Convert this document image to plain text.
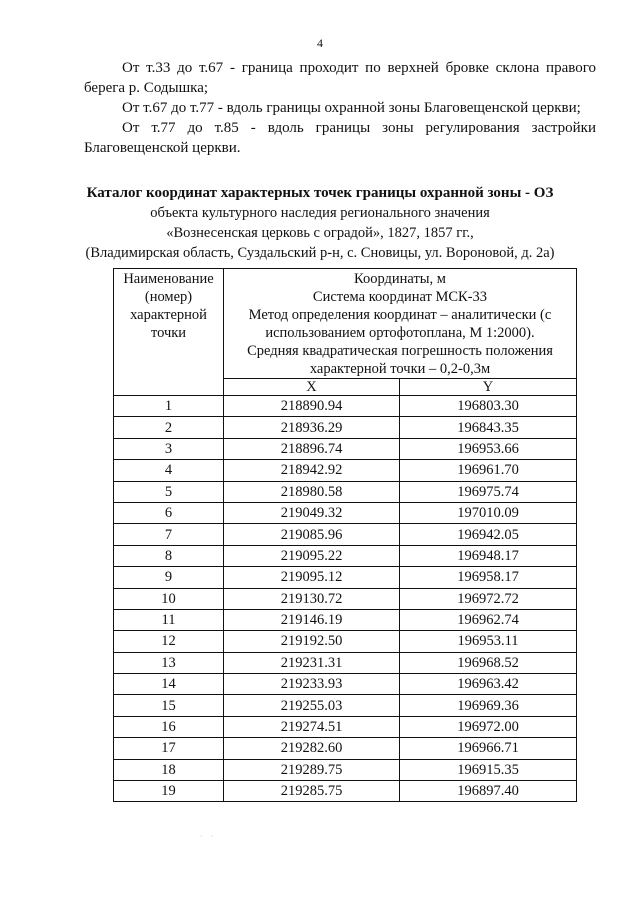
4

От т.33 до т.67 - граница проходит по верхней бровке склона правого берега р. Содышка;

От т.67 до т.77 - вдоль границы охранной зоны Благовещенской церкви;

От т.77 до т.85 - вдоль границы зоны регулирования застройки Благовещенской церкви.

Каталог координат характерных точек границы охранной зоны - ОЗ
объекта культурного наследия регионального значения
«Вознесенская церковь с оградой», 1827, 1857 гг.,
(Владимирская область, Суздальский р-н, с. Сновицы, ул. Вороновой, д. 2а)
Наименование (номер) характерной точки	Координаты, м
Система координат МСК-33
Метод определения координат – аналитически (с использованием ортофотоплана, М 1:2000).
Средняя квадратическая погрешность положения характерной точки – 0,2-0,3м	

	X	Y
1	218890.94	196803.30
2	218936.29	196843.35
3	218896.74	196953.66
4	218942.92	196961.70
5	218980.58	196975.74
6	219049.32	197010.09
7	219085.96	196942.05
8	219095.22	196948.17
9	219095.12	196958.17
10	219130.72	196972.72
11	219146.19	196962.74
12	219192.50	196953.11
13	219231.31	196968.52
14	219233.93	196963.42
15	219255.03	196969.36
16	219274.51	196972.00
17	219282.60	196966.71
18	219289.75	196915.35
19	219285.75	196897.40
· ·
